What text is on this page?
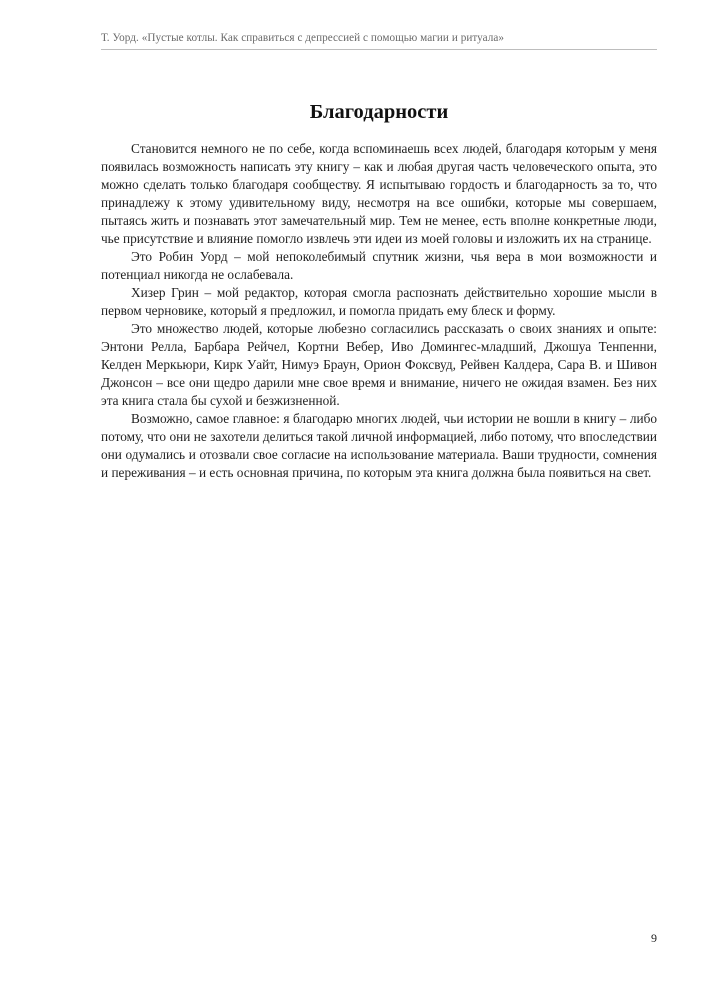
Т. Уорд. «Пустые котлы. Как справиться с депрессией с помощью магии и ритуала»
Благодарности

Становится немного не по себе, когда вспоминаешь всех людей, благодаря которым у меня появилась возможность написать эту книгу – как и любая другая часть человеческого опыта, это можно сделать только благодаря сообществу. Я испытываю гордость и благодарность за то, что принадлежу к этому удивительному виду, несмотря на все ошибки, которые мы совершаем, пытаясь жить и познавать этот замечательный мир. Тем не менее, есть вполне конкретные люди, чье присутствие и влияние помогло извлечь эти идеи из моей головы и изложить их на странице.

Это Робин Уорд – мой непоколебимый спутник жизни, чья вера в мои возможности и потенциал никогда не ослабевала.

Хизер Грин – мой редактор, которая смогла распознать действительно хорошие мысли в первом черновике, который я предложил, и помогла придать ему блеск и форму.

Это множество людей, которые любезно согласились рассказать о своих знаниях и опыте: Энтони Релла, Барбара Рейчел, Кортни Вебер, Иво Домингес-младший, Джошуа Тенпенни, Келден Меркьюри, Кирк Уайт, Нимуэ Браун, Орион Фоксвуд, Рейвен Калдера, Сара В. и Шивон Джонсон – все они щедро дарили мне свое время и внимание, ничего не ожидая взамен. Без них эта книга стала бы сухой и безжизненной.

Возможно, самое главное: я благодарю многих людей, чьи истории не вошли в книгу – либо потому, что они не захотели делиться такой личной информацией, либо потому, что впоследствии они одумались и отозвали свое согласие на использование материала. Ваши трудности, сомнения и переживания – и есть основная причина, по которым эта книга должна была появиться на свет.

9
